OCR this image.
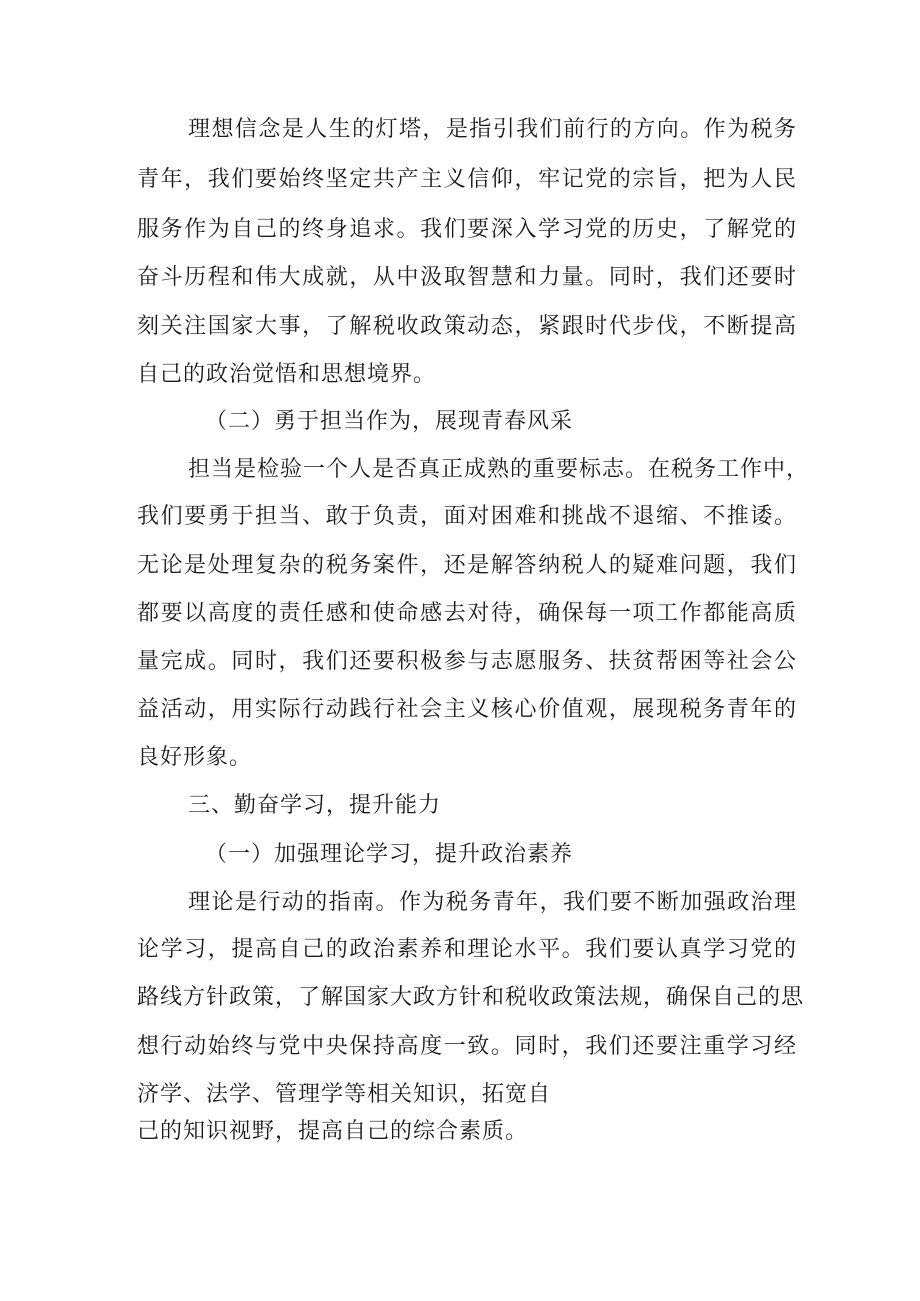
理想信念是人生的灯塔，是指引我们前行的方向。作为税务
青年，我们要始终坚定共产主义信仰，牢记党的宗旨，把为人民
服务作为自己的终身追求。我们要深入学习党的历史，了解党的
奋斗历程和伟大成就，从中汲取智慧和力量。同时，我们还要时
刻关注国家大事，了解税收政策动态，紧跟时代步伐，不断提高
自己的政治觉悟和思想境界。
（二）勇于担当作为，展现青春风采
担当是检验一个人是否真正成熟的重要标志。在税务工作中，
我们要勇于担当、敢于负责，面对困难和挑战不退缩、不推诿。
无论是处理复杂的税务案件，还是解答纳税人的疑难问题，我们
都要以高度的责任感和使命感去对待，确保每一项工作都能高质
量完成。同时，我们还要积极参与志愿服务、扶贫帮困等社会公
益活动，用实际行动践行社会主义核心价值观，展现税务青年的
良好形象。
三、勤奋学习，提升能力
（一）加强理论学习，提升政治素养
理论是行动的指南。作为税务青年，我们要不断加强政治理
论学习，提高自己的政治素养和理论水平。我们要认真学习党的
路线方针政策，了解国家大政方针和税收政策法规，确保自己的思
想行动始终与党中央保持高度一致。同时，我们还要注重学习经
济学、法学、管理学等相关知识，拓宽自
己的知识视野，提高自己的综合素质。
